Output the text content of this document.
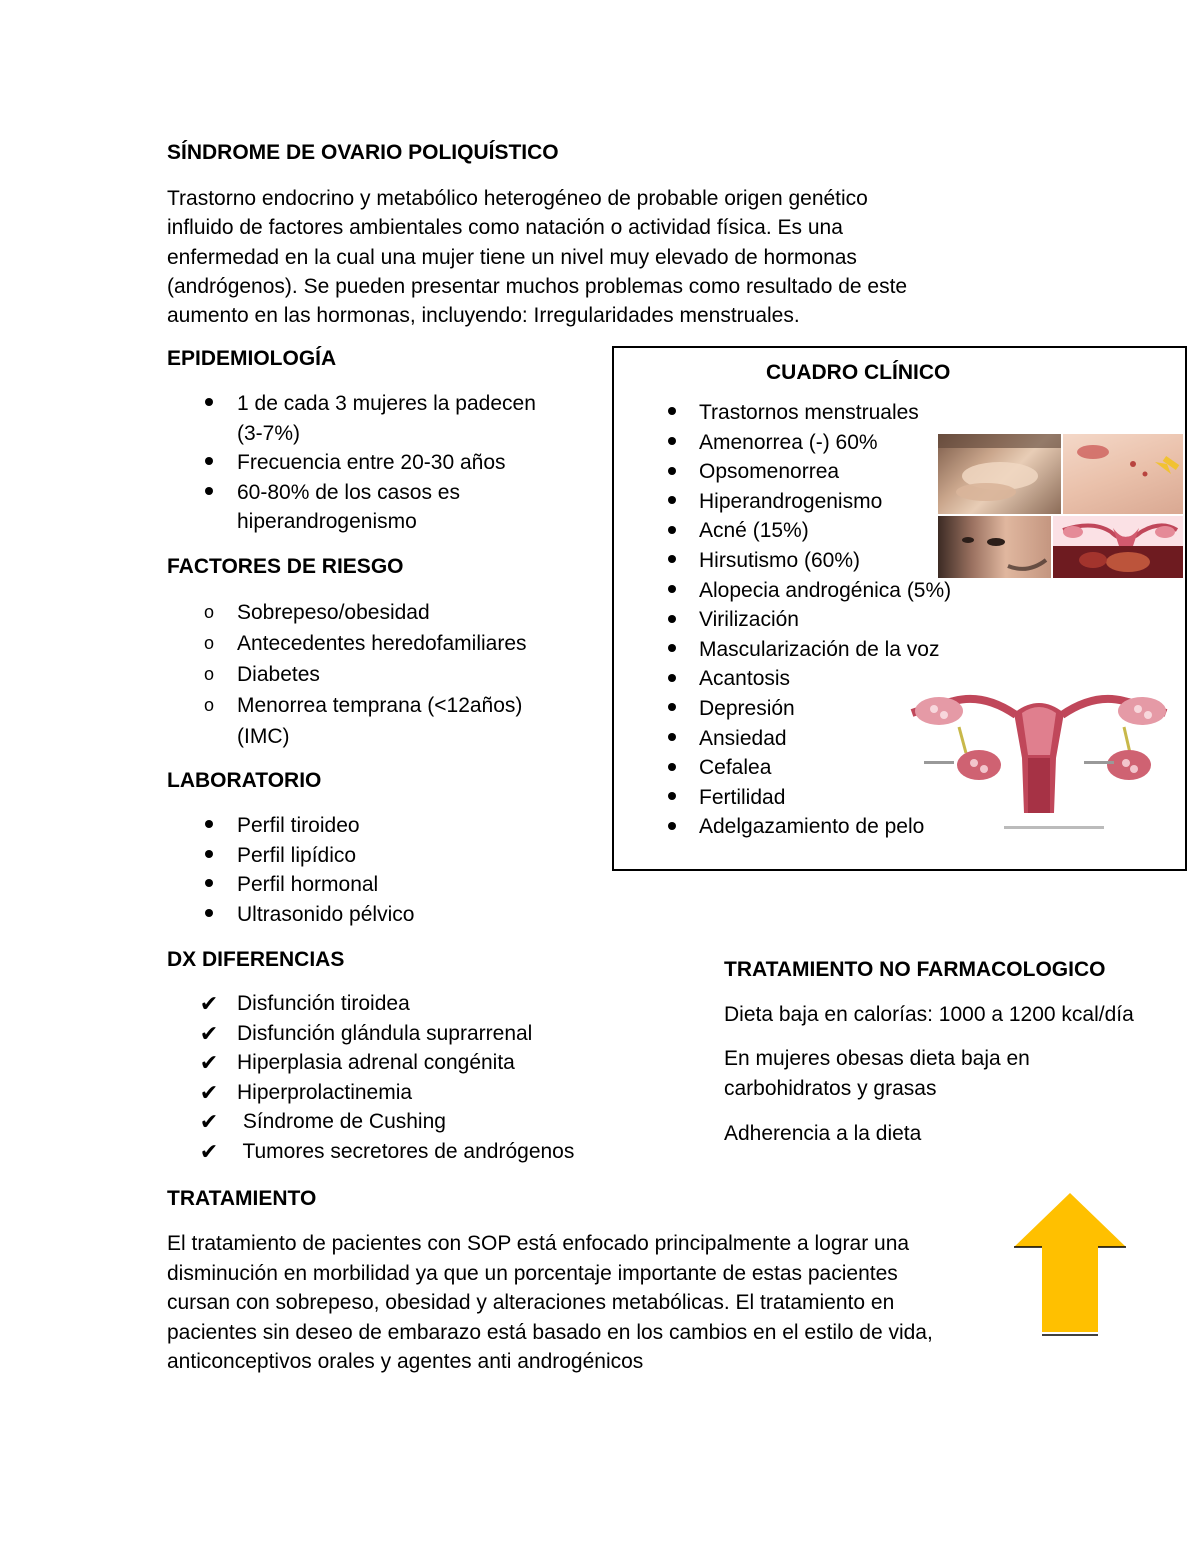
SÍNDROME DE OVARIO POLIQUÍSTICO
Trastorno endocrino y metabólico heterogéneo de probable origen genético
influido de factores ambientales como natación o actividad física. Es una
enfermedad en la cual una mujer tiene un nivel muy elevado de hormonas
(andrógenos). Se pueden presentar muchos problemas como resultado de este
aumento en las hormonas, incluyendo: Irregularidades menstruales.
EPIDEMIOLOGÍA
1 de cada 3 mujeres la padecen
(3-7%)
Frecuencia entre 20-30 años
60-80% de los casos es
hiperandrogenismo
FACTORES DE RIESGO
o Sobrepeso/obesidad
o Antecedentes heredofamiliares
o Diabetes
o Menorrea temprana (<12años)
(IMC)
LABORATORIO
Perfil tiroideo
Perfil lipídico
Perfil hormonal
Ultrasonido pélvico
DX DIFERENCIAS
✔ Disfunción tiroidea
✔ Disfunción glándula suprarrenal
✔ Hiperplasia adrenal congénita
✔ Hiperprolactinemia
✔ Síndrome de Cushing
✔ Tumores secretores de andrógenos
CUADRO CLÍNICO
Trastornos menstruales
Amenorrea (-) 60%
Opsomenorrea
Hiperandrogenismo
Acné (15%)
Hirsutismo (60%)
Alopecia androgénica (5%)
Virilización
Mascularización de la voz
Acantosis
Depresión
Ansiedad
Cefalea
Fertilidad
Adelgazamiento de pelo
TRATAMIENTO NO FARMACOLOGICO
Dieta baja en calorías: 1000 a 1200 kcal/día
En mujeres obesas dieta baja en
carbohidratos y grasas
Adherencia a la dieta
TRATAMIENTO
El tratamiento de pacientes con SOP está enfocado principalmente a lograr una
disminución en morbilidad ya que un porcentaje importante de estas pacientes
cursan con sobrepeso, obesidad y alteraciones metabólicas. El tratamiento en
pacientes sin deseo de embarazo está basado en los cambios en el estilo de vida,
anticonceptivos orales y agentes anti androgénicos
